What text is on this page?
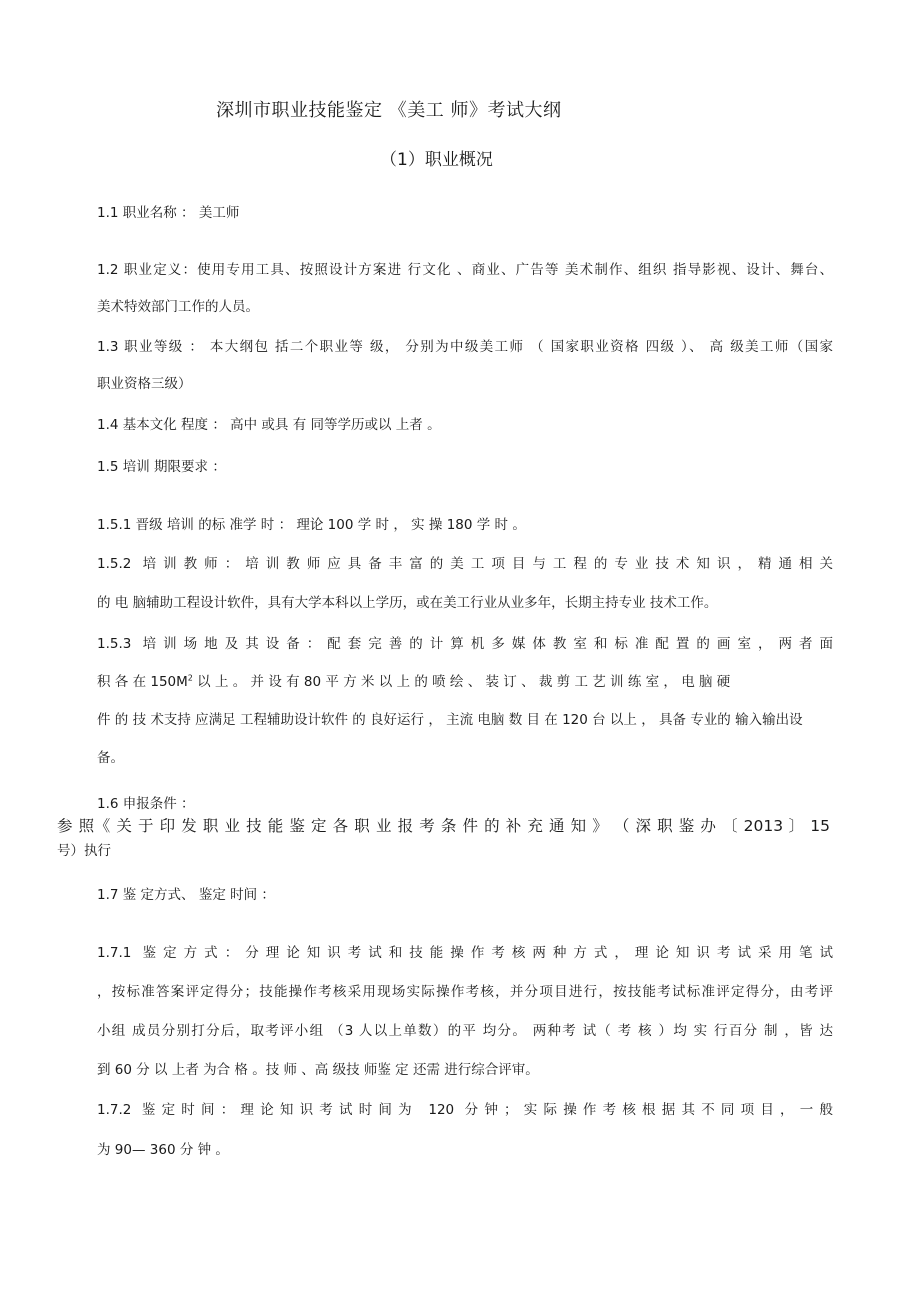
深圳市职业技能鉴定 《美工 师》考试大纲

（1）职业概况

1.1 职业名称 ： 美工师

1.2 职业定义：使用专用工具、按照设计方案进 行文化 、商业、广告等 美术制作、组织 指导影视、设计、舞台、

美术特效部门工作的人员。

1.3 职业等级 ： 本大纲包 括二个职业等 级， 分别为中级美工师 （ 国家职业资格 四级 ）、 高 级美工师（国家

职业资格三级）

1.4 基本文化 程度 ： 高中 或具 有 同等学历或以 上者 。

1.5 培训 期限要求 ：

1.5.1 晋级 培训 的标 准学 时 ： 理论 100 学 时 ， 实 操 180 学 时 。

1.5.2 培训教师：培训教师应具备丰富的美工项目与工程的专业技术知识，精通相关

的 电 脑辅助工程设计软件，具有大学本科以上学历，或在美工行业从业多年，长期主持专业 技术工作。

1.5.3 培训场地及其设备：配套完善的计算机多媒体教室和标准配置的画室，两者面

积 各 在 $150M^2$ 以 上 。 并 设 有 80 平 方 米 以 上 的 喷 绘 、 装 订 、 裁 剪 工 艺 训 练 室 ， 电 脑 硬

件 的 技 术支持 应满足 工程辅助设计软件 的 良好运行 ， 主流 电脑 数 目 在 120 台 以上 ， 具备 专业的 输入输出设

备。

1.6 申报条件 ：

参 照《 关 于 印 发 职 业 技 能 鉴 定 各 职 业 报 考 条 件 的 补 充 通 知 》 （ 深 职 鉴 办 〔 2013 〕 15

号）执行

1.7 鉴 定方式、 鉴定 时间 ：

1.7.1 鉴定方式：分理论知识考试和技能操作考核两种方式，理论知识考试采用笔试

，按标准答案评定得分；技能操作考核采用现场实际操作考核，并分项目进行，按技能考试标准评定得分，由考评

小组 成员分别打分后，取考评小组 （3 人以上单数）的平 均分。 两种考 试（ 考 核 ）均 实 行百分 制 ，皆 达

到 60 分 以 上者 为合 格 。技 师 、高 级技 师鉴 定 还需 进行综合评审。

1.7.2 鉴定时间：理论知识考试时间为 120 分钟；实际操作考核根据其不同项目，一般

为 90— 360 分 钟 。
